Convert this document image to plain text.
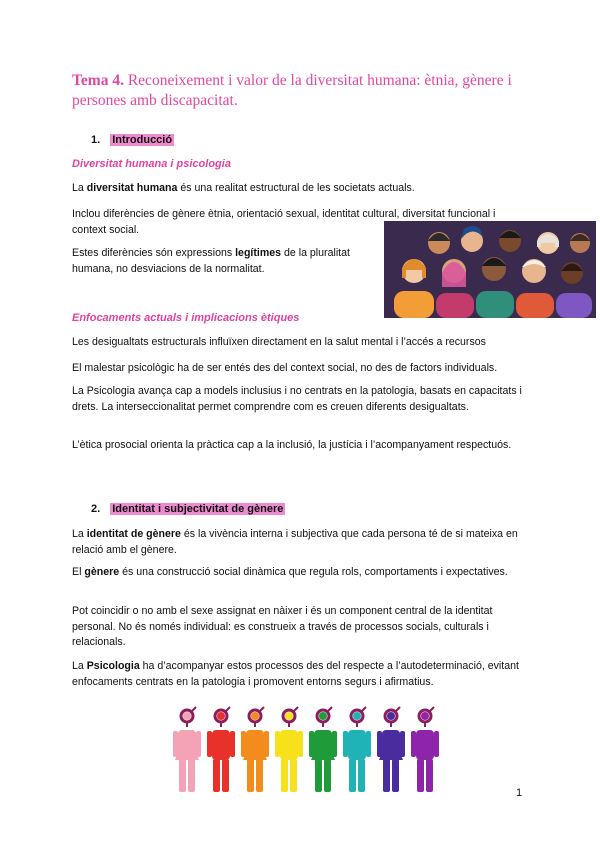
Tema 4. Reconeixement i valor de la diversitat humana: ètnia, gènere i persones amb discapacitat.
1. Introducció
Diversitat humana i psicologia

La diversitat humana és una realitat estructural de les societats actuals.

Inclou diferències de gènere ètnia, orientació sexual, identitat cultural, diversitat funcional i context social.

Estes diferències són expressions legítimes de la pluralitat humana, no desviacions de la normalitat.

Enfocaments actuals i implicacions ètiques

Les desigualtats estructurals influïxen directament en la salut mental i l’accés a recursos

El malestar psicològic ha de ser entés des del context social, no des de factors individuals.

La Psicologia avança cap a models inclusius i no centrats en la patologia, basats en capacitats i drets. La interseccionalitat permet comprendre com es creuen diferents desigualtats.

L’ètica prosocial orienta la pràctica cap a la inclusió, la justícia i l’acompanyament respectuós.

2. Identitat i subjectivitat de gènere

La identitat de gènere és la vivència interna i subjectiva que cada persona té de si mateixa en relació amb el gènere.

El gènere és una construcció social dinàmica que regula rols, comportaments i expectatives.

Pot coincidir o no amb el sexe assignat en nàixer i és un component central de la identitat personal. No és només individual: es construeix a través de processos socials, culturals i relacionals.

La Psicologia ha d’acompanyar estos processos des del respecte a l’autodeterminació, evitant enfocaments centrats en la patologia i promovent entorns segurs i afirmatius.

1
